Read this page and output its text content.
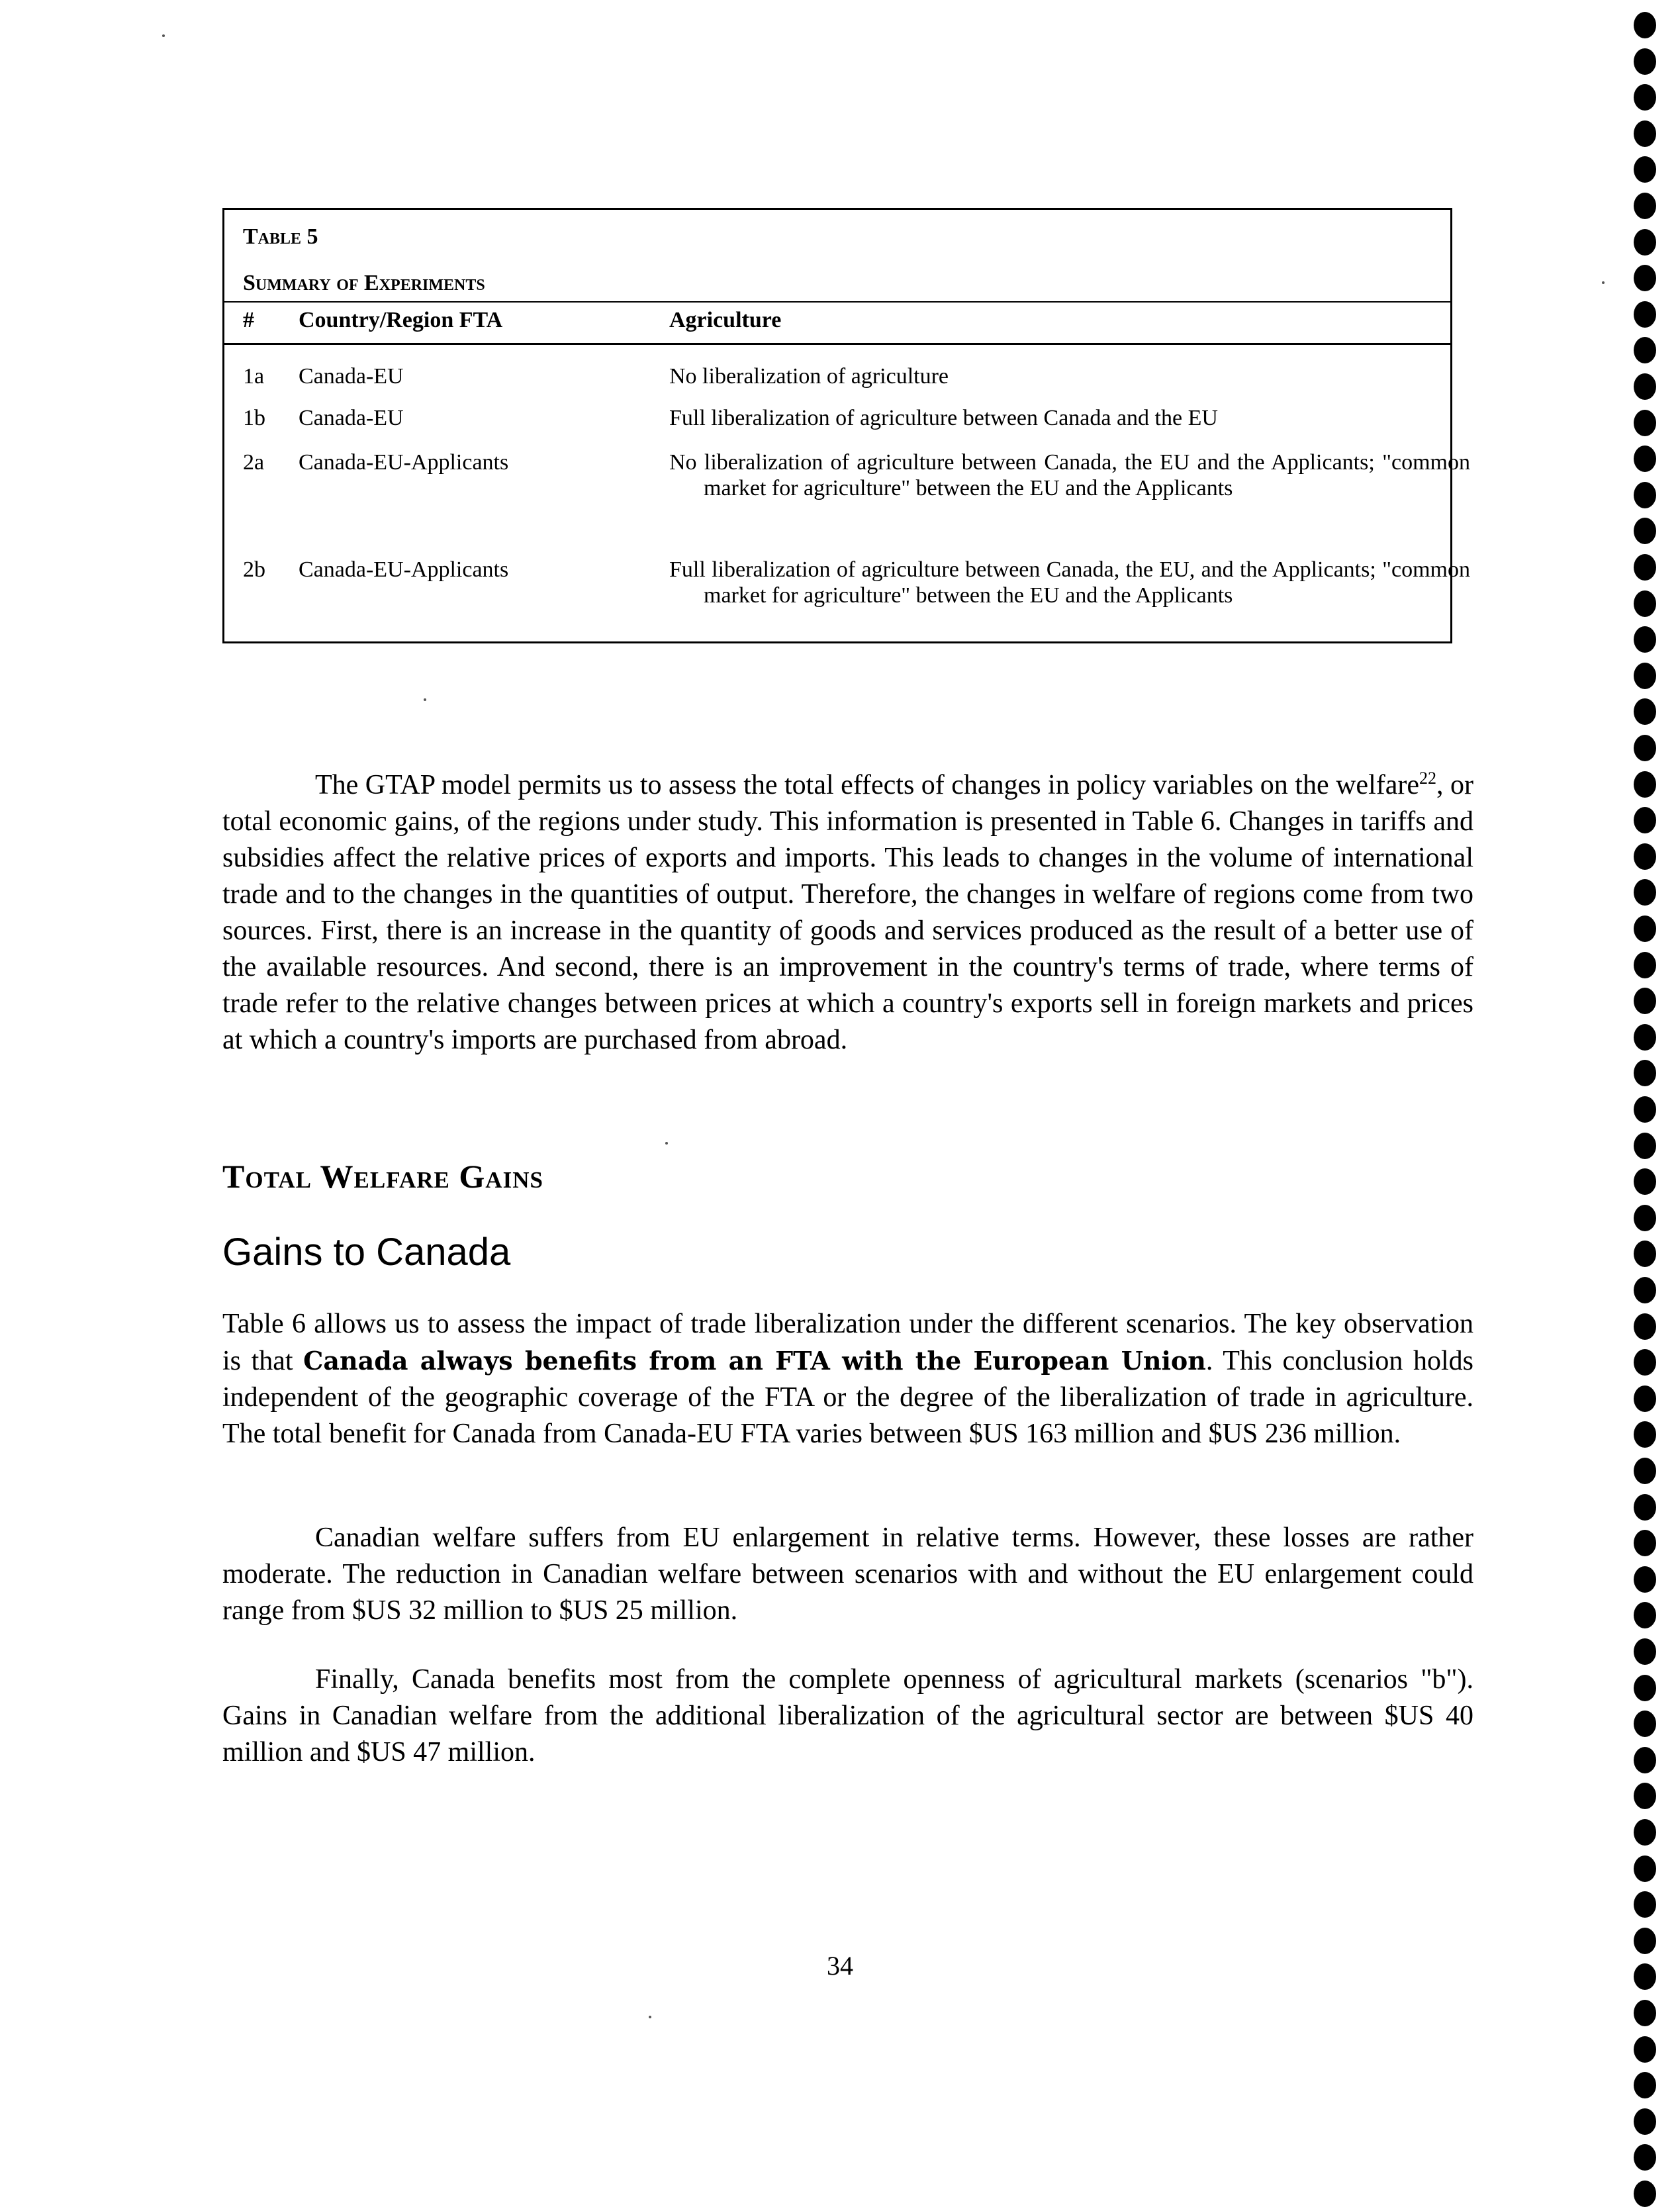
Table 5
Summary of Experiments
# Country/Region FTA	Agriculture
1a Canada-EU	No liberalization of agriculture
1b Canada-EU	Full liberalization of agriculture between Canada and the EU
2a Canada-EU-Applicants	No liberalization of agriculture between Canada, the EU and the Applicants; "common market for agriculture" between the EU and the Applicants
2b Canada-EU-Applicants	Full liberalization of agriculture between Canada, the EU, and the Applicants; "common market for agriculture" between the EU and the Applicants
The GTAP model permits us to assess the total effects of changes in policy variables on the welfare$^{22}$, or total economic gains, of the regions under study. This information is presented in Table 6. Changes in tariffs and subsidies affect the relative prices of exports and imports. This leads to changes in the volume of international trade and to the changes in the quantities of output. Therefore, the changes in welfare of regions come from two sources. First, there is an increase in the quantity of goods and services produced as the result of a better use of the available resources. And second, there is an improvement in the country's terms of trade, where terms of trade refer to the relative changes between prices at which a country's exports sell in foreign markets and prices at which a country's imports are purchased from abroad.
Total Welfare Gains
Gains to Canada
Table 6 allows us to assess the impact of trade liberalization under the different scenarios. The key observation is that Canada always benefits from an FTA with the European Union. This conclusion holds independent of the geographic coverage of the FTA or the degree of the liberalization of trade in agriculture. The total benefit for Canada from Canada-EU FTA varies between $US 163 million and $US 236 million.
Canadian welfare suffers from EU enlargement in relative terms. However, these losses are rather moderate. The reduction in Canadian welfare between scenarios with and without the EU enlargement could range from $US 32 million to $US 25 million.
Finally, Canada benefits most from the complete openness of agricultural markets (scenarios "b"). Gains in Canadian welfare from the additional liberalization of the agricultural sector are between $US 40 million and $US 47 million.
34
